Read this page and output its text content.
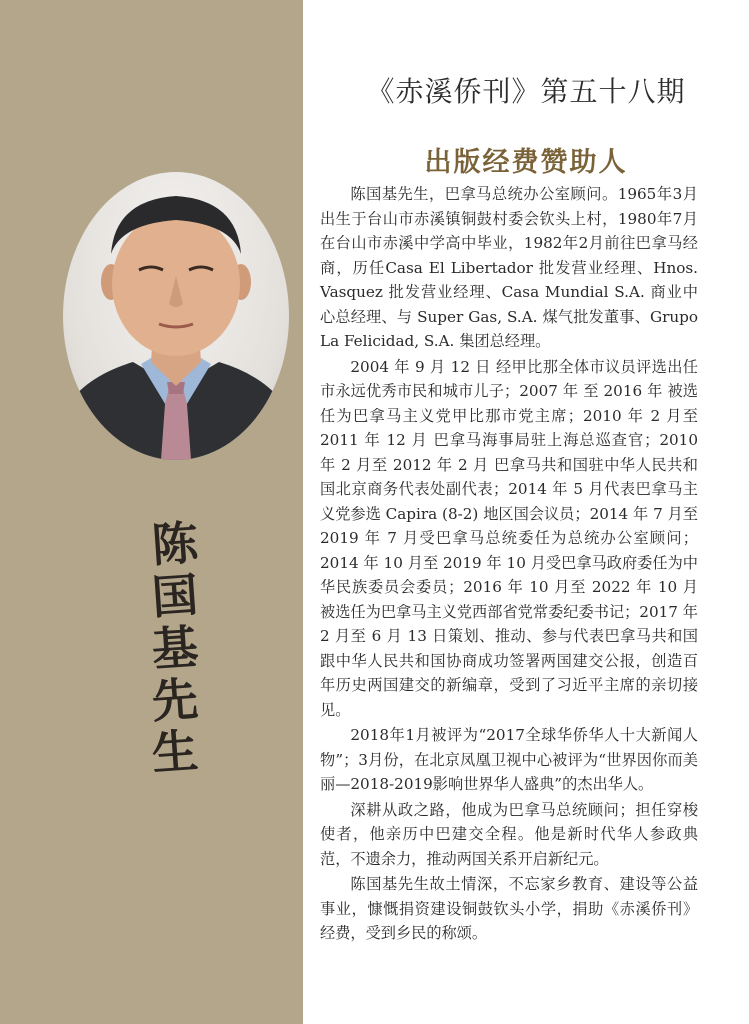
陈
国
基
先
生
《赤溪侨刊》第五十八期
出版经费赞助人

陈国基先生，巴拿马总统办公室顾问。1965年3月出生于台山市赤溪镇铜鼓村委会钦头上村，1980年7月在台山市赤溪中学高中毕业，1982年2月前往巴拿马经商，历任Casa El Libertador 批发营业经理、Hnos. Vasquez 批发营业经理、Casa Mundial S.A. 商业中心总经理、与 Super Gas, S.A. 煤气批发董事、Grupo La Felicidad, S.A. 集团总经理。

2004 年 9 月 12 日 经甲比那全体市议员评选出任市永远优秀市民和城市儿子；2007 年 至 2016 年 被选任为巴拿马主义党甲比那市党主席；2010 年 2 月至 2011 年 12 月 巴拿马海事局驻上海总巡查官；2010 年 2 月至 2012 年 2 月 巴拿马共和国驻中华人民共和国北京商务代表处副代表；2014 年 5 月代表巴拿马主义党参选 Capira (8-2) 地区国会议员；2014 年 7 月至 2019 年 7 月受巴拿马总统委任为总统办公室顾问；2014 年 10 月至 2019 年 10 月受巴拿马政府委任为中华民族委员会委员；2016 年 10 月至 2022 年 10 月 被选任为巴拿马主义党西部省党常委纪委书记；2017 年 2 月至 6 月 13 日策划、推动、参与代表巴拿马共和国跟中华人民共和国协商成功签署两国建交公报，创造百年历史两国建交的新编章，受到了习近平主席的亲切接见。

2018年1月被评为“2017全球华侨华人十大新闻人物”；3月份，在北京凤凰卫视中心被评为“世界因你而美丽—2018-2019影响世界华人盛典”的杰出华人。

深耕从政之路，他成为巴拿马总统顾问；担任穿梭使者，他亲历中巴建交全程。他是新时代华人参政典范，不遗余力，推动两国关系开启新纪元。

陈国基先生故土情深，不忘家乡教育、建设等公益事业，慷慨捐资建设铜鼓钦头小学，捐助《赤溪侨刊》经费，受到乡民的称颂。
